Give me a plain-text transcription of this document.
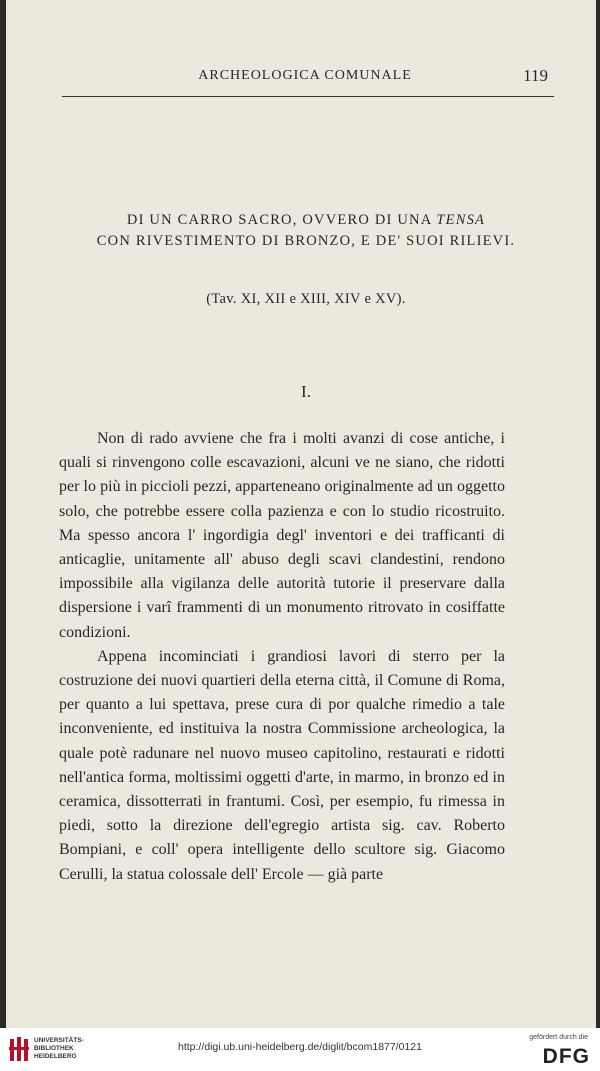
ARCHEOLOGICA COMUNALE	119
DI UN CARRO SACRO, OVVERO DI UNA TENSA
CON RIVESTIMENTO DI BRONZO, E DE' SUOI RILIEVI.
(Tav. XI, XII e XIII, XIV e XV).
I.

Non di rado avviene che fra i molti avanzi di cose antiche, i quali si rinvengono colle escavazioni, alcuni ve ne siano, che ridotti per lo più in piccioli pezzi, apparteneano originalmente ad un oggetto solo, che potrebbe essere colla pazienza e con lo studio ricostruito. Ma spesso ancora l' ingordigia degl' inventori e dei trafficanti di anticaglie, unitamente all' abuso degli scavi clandestini, rendono impossibile alla vigilanza delle autorità tutorie il preservare dalla dispersione i varî frammenti di un monumento ritrovato in cosiffatte condizioni.

Appena incominciati i grandiosi lavori di sterro per la costruzione dei nuovi quartieri della eterna città, il Comune di Roma, per quanto a lui spettava, prese cura di por qualche rimedio a tale inconveniente, ed instituiva la nostra Commissione archeologica, la quale potè radunare nel nuovo museo capitolino, restaurati e ridotti nell'antica forma, moltissimi oggetti d'arte, in marmo, in bronzo ed in ceramica, dissotterrati in frantumi. Così, per esempio, fu rimessa in piedi, sotto la direzione dell'egregio artista sig. cav. Roberto Bompiani, e coll' opera intelligente dello scultore sig. Giacomo Cerulli, la statua colossale dell' Ercole — già parte

UNIVERSITÄTS-
BIBLIOTHEK
HEIDELBERG
http://digi.ub.uni-heidelberg.de/diglit/bcom1877/0121
gefördert durch die
DFG
